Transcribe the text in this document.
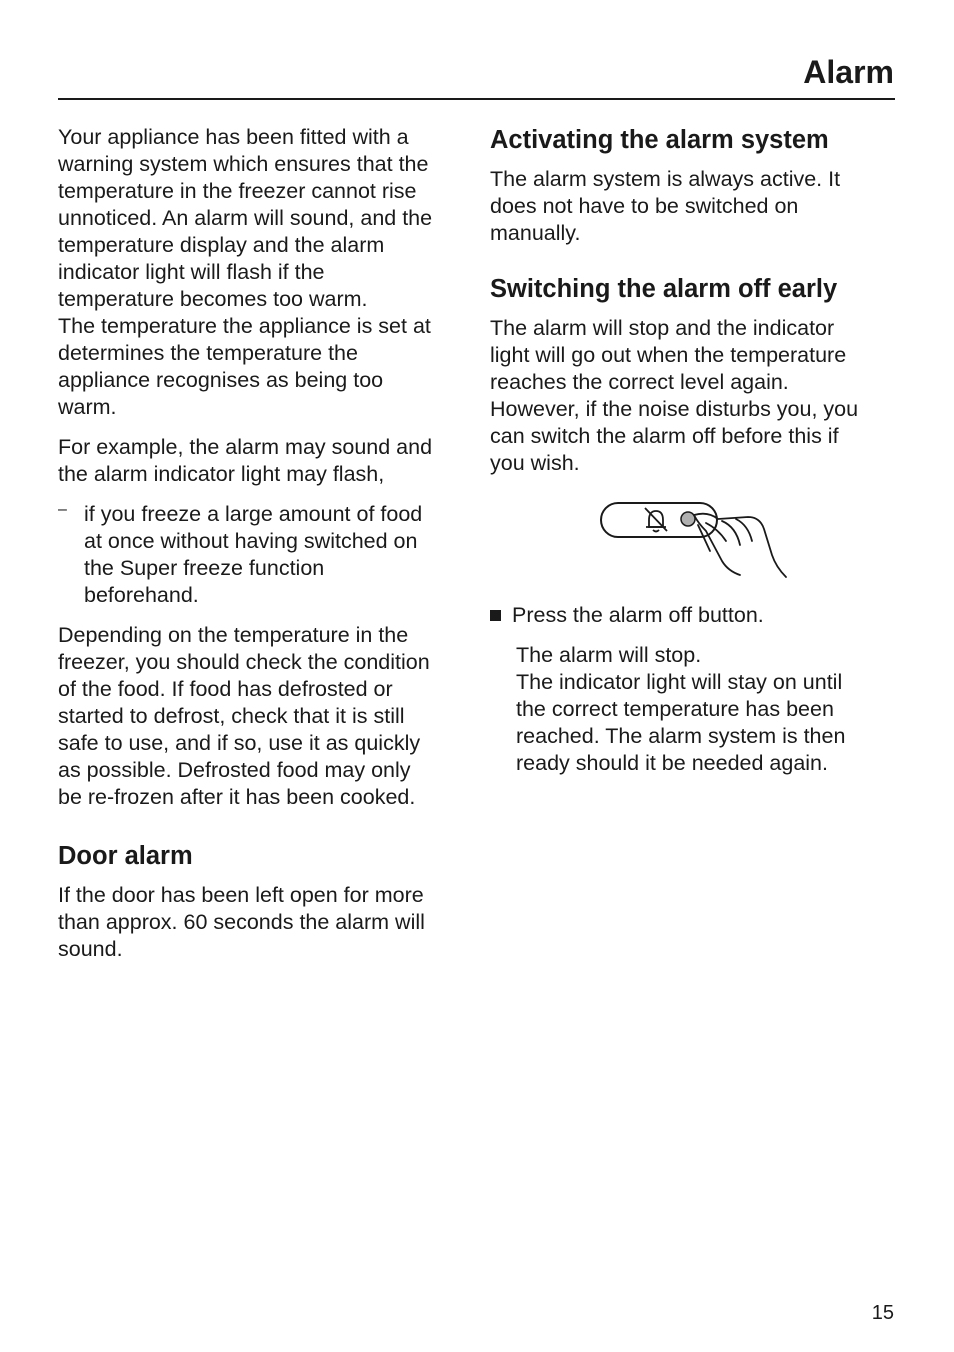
Alarm

Your appliance has been fitted with a
warning system which ensures that the
temperature in the freezer cannot rise
unnoticed. An alarm will sound, and the
temperature display and the alarm
indicator light will flash if the
temperature becomes too warm.
The temperature the appliance is set at
determines the temperature the
appliance recognises as being too
warm.

For example, the alarm may sound and
the alarm indicator light may flash,

– if you freeze a large amount of food
at once without having switched on
the Super freeze function
beforehand.

Depending on the temperature in the
freezer, you should check the condition
of the food. If food has defrosted or
started to defrost, check that it is still
safe to use, and if so, use it as quickly
as possible. Defrosted food may only
be re-frozen after it has been cooked.

Door alarm

If the door has been left open for more
than approx. 60 seconds the alarm will
sound.

Activating the alarm system

The alarm system is always active. It
does not have to be switched on
manually.

Switching the alarm off early

The alarm will stop and the indicator
light will go out when the temperature
reaches the correct level again.
However, if the noise disturbs you, you
can switch the alarm off before this if
you wish.

Press the alarm off button.

The alarm will stop.
The indicator light will stay on until
the correct temperature has been
reached. The alarm system is then
ready should it be needed again.

15
